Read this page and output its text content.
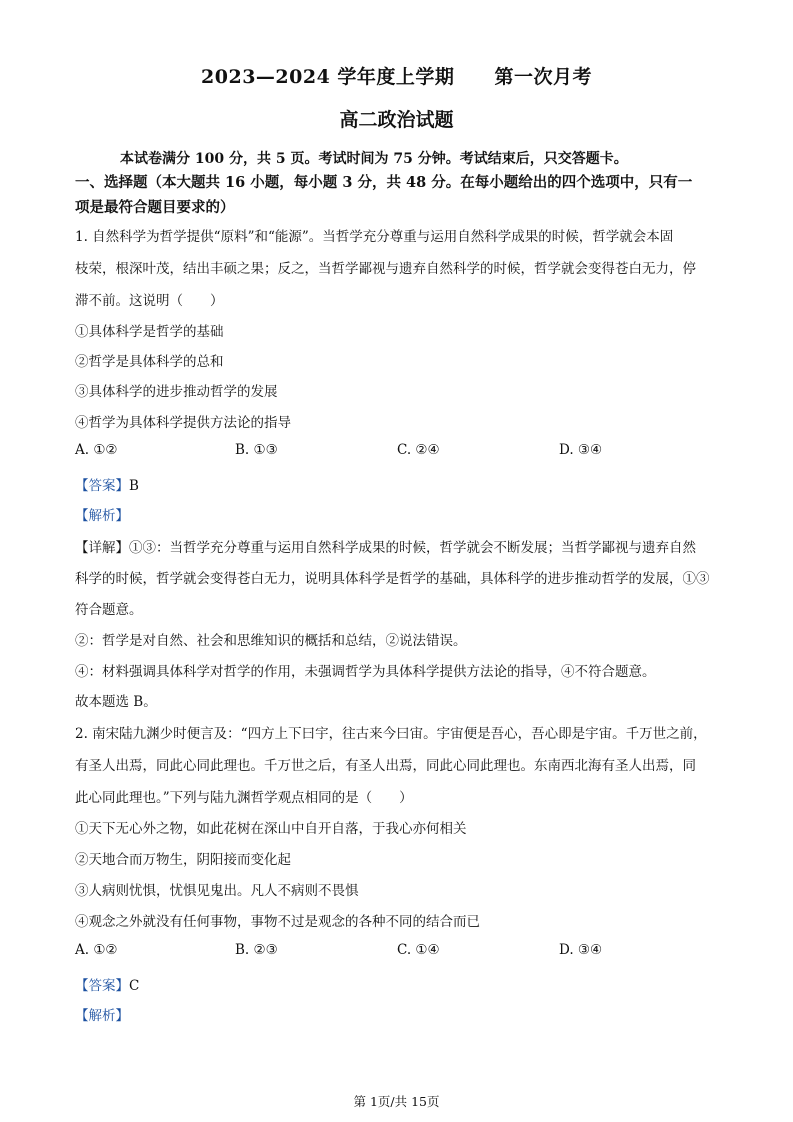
2023—2024 学年度上学期 第一次月考
高二政治试题
本试卷满分 100 分，共 5 页。考试时间为 75 分钟。考试结束后，只交答题卡。
一、选择题（本大题共 16 小题，每小题 3 分，共 48 分。在每小题给出的四个选项中，只有一
项是最符合题目要求的）
1. 自然科学为哲学提供“原料”和“能源”。当哲学充分尊重与运用自然科学成果的时候，哲学就会本固
枝荣，根深叶茂，结出丰硕之果；反之，当哲学鄙视与遗弃自然科学的时候，哲学就会变得苍白无力，停
滞不前。这说明（　　）
①具体科学是哲学的基础
②哲学是具体科学的总和
③具体科学的进步推动哲学的发展
④哲学为具体科学提供方法论的指导
A. ①②	B. ①③	C. ②④	D. ③④
【答案】B
【解析】
【详解】①③：当哲学充分尊重与运用自然科学成果的时候，哲学就会不断发展；当哲学鄙视与遗弃自然
科学的时候，哲学就会变得苍白无力，说明具体科学是哲学的基础，具体科学的进步推动哲学的发展，①③
符合题意。
②：哲学是对自然、社会和思维知识的概括和总结，②说法错误。
④：材料强调具体科学对哲学的作用，未强调哲学为具体科学提供方法论的指导，④不符合题意。
故本题选 B。
2. 南宋陆九渊少时便言及：“四方上下曰宇，往古来今曰宙。宇宙便是吾心，吾心即是宇宙。千万世之前，
有圣人出焉，同此心同此理也。千万世之后，有圣人出焉，同此心同此理也。东南西北海有圣人出焉，同
此心同此理也。”下列与陆九渊哲学观点相同的是（　　）
①天下无心外之物，如此花树在深山中自开自落，于我心亦何相关
②天地合而万物生，阴阳接而变化起
③人病则忧惧，忧惧见鬼出。凡人不病则不畏惧
④观念之外就没有任何事物，事物不过是观念的各种不同的结合而已
A. ①②	B. ②③	C. ①④	D. ③④
【答案】C
【解析】
第 1页/共 15页
